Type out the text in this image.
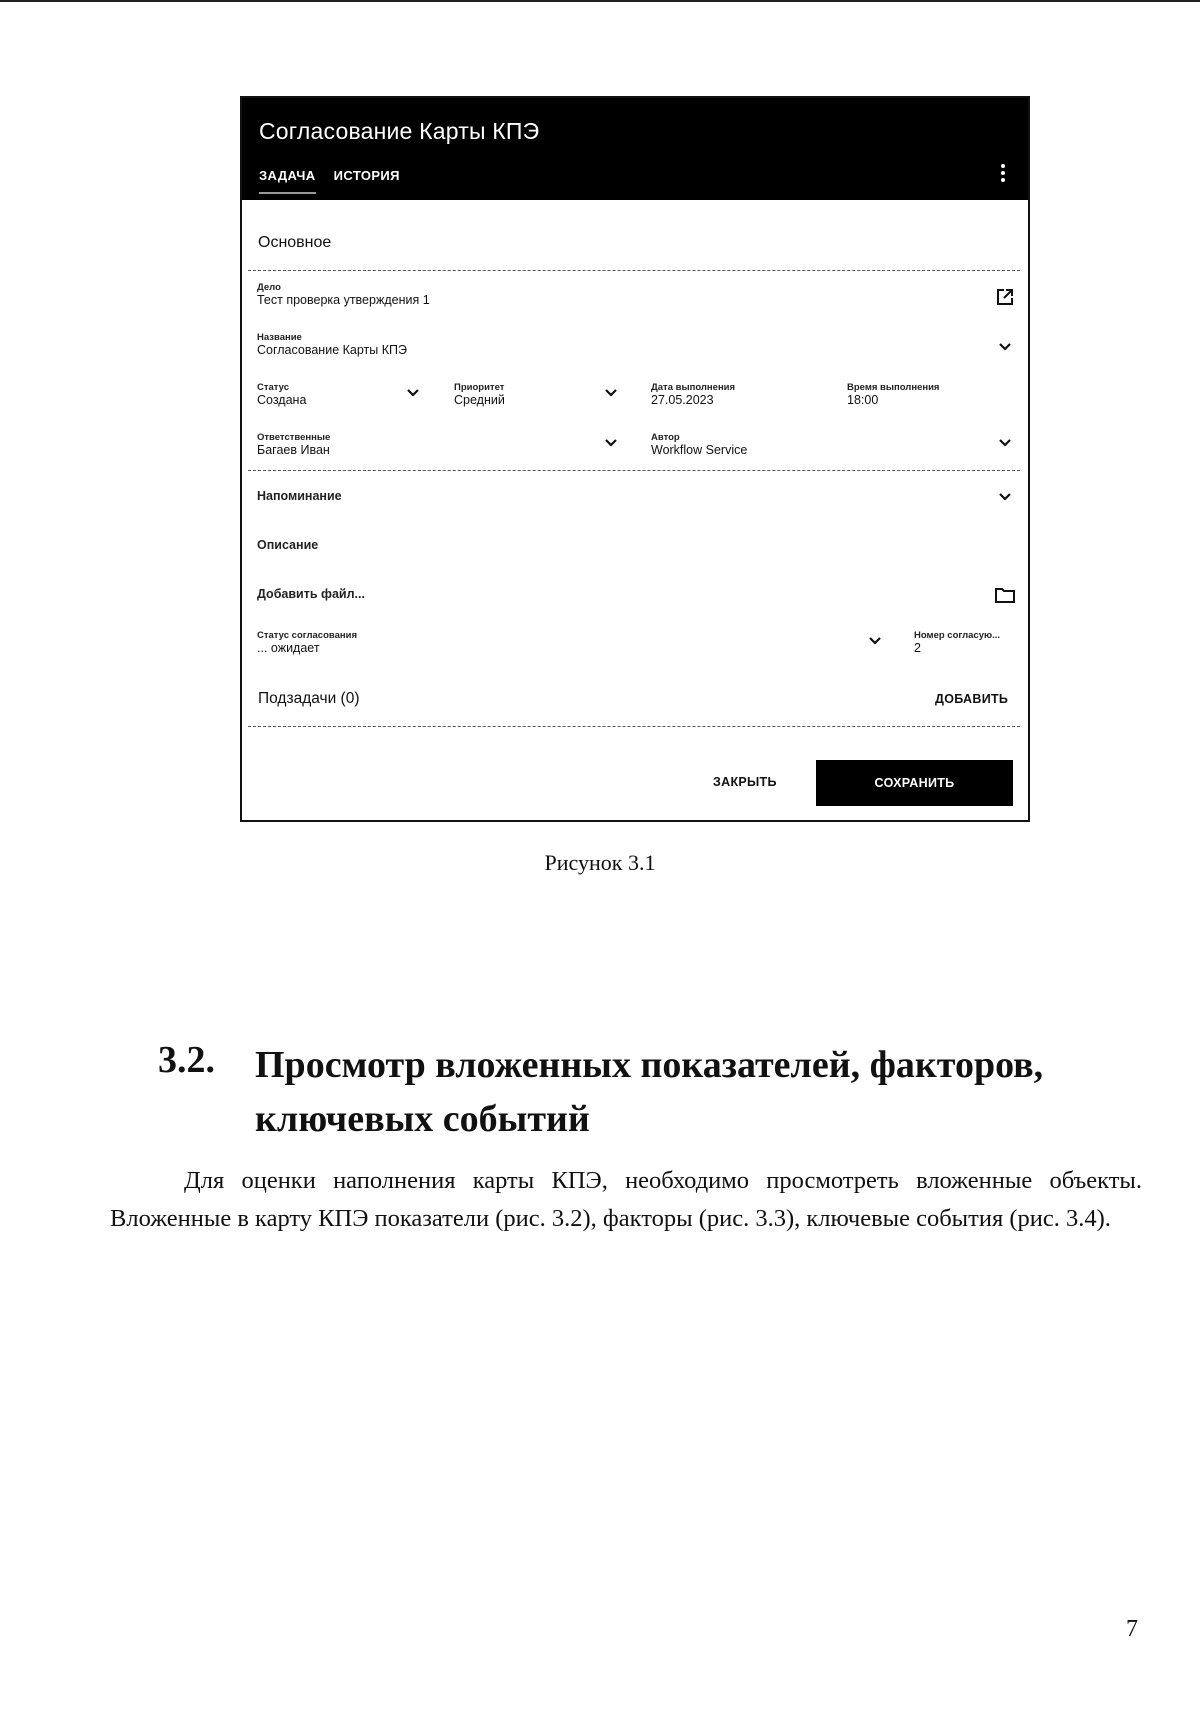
Согласование Карты КПЭ
ЗАДАЧА ИСТОРИЯ
Основное
Дело
Тест проверка утверждения 1
Название
Согласование Карты КПЭ
Статус
Создана
Приоритет
Средний
Дата выполнения
27.05.2023
Время выполнения
18:00
Ответственные
Багаев Иван
Автор
Workflow Service
Напоминание
Описание
Добавить файл...
Статус согласования
... ожидает
Номер согласую...
2
Подзадачи (0)	ДОБАВИТЬ
ЗАКРЫТЬ	СОХРАНИТЬ
Рисунок 3.1
3.2. Просмотр вложенных показателей, факторов, ключевых событий
Для оценки наполнения карты КПЭ, необходимо просмотреть вложенные объекты. Вложенные в карту КПЭ показатели (рис. 3.2), факторы (рис. 3.3), ключевые события (рис. 3.4).
7
